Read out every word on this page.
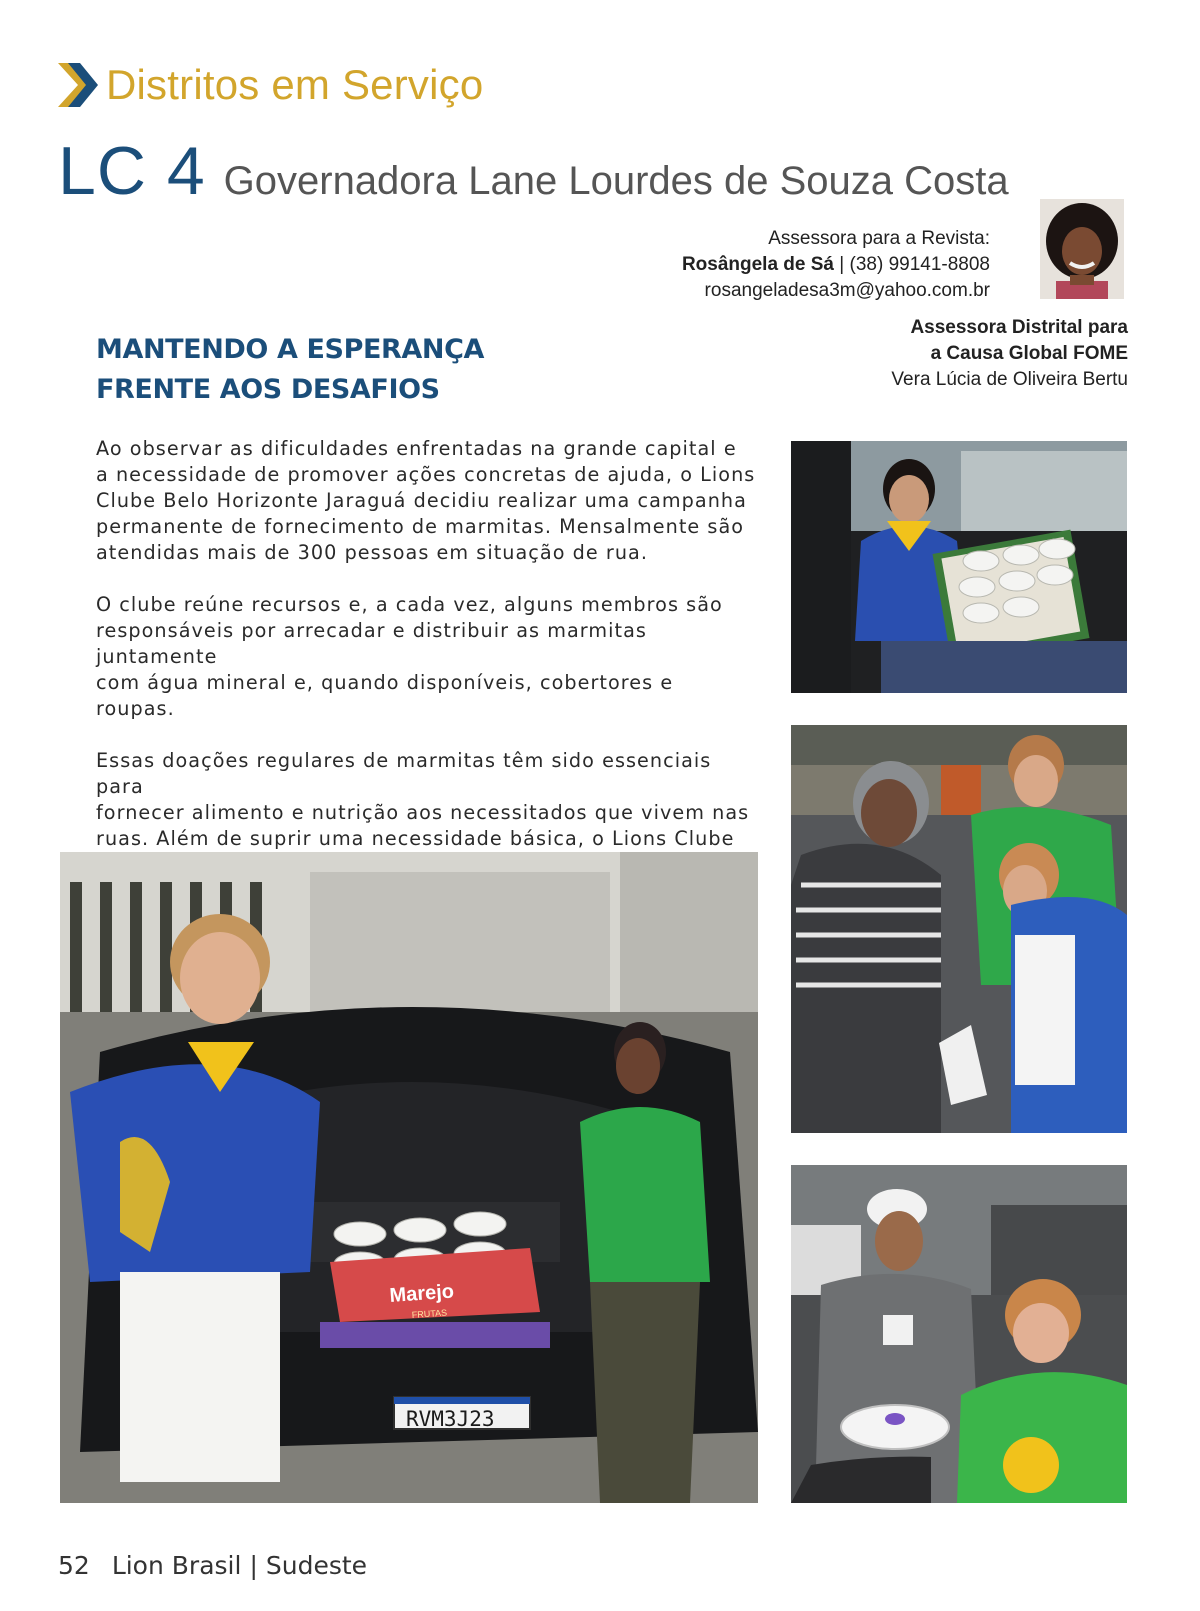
Distritos em Serviço
LC 4 Governadora Lane Lourdes de Souza Costa
Assessora para a Revista:
Rosângela de Sá | (38) 99141-8808
rosangeladesa3m@yahoo.com.br
Assessora Distrital para
a Causa Global FOME
Vera Lúcia de Oliveira Bertu
MANTENDO A ESPERANÇA
FRENTE AOS DESAFIOS

Ao observar as dificuldades enfrentadas na grande capital e
a necessidade de promover ações concretas de ajuda, o Lions
Clube Belo Horizonte Jaraguá decidiu realizar uma campanha
permanente de fornecimento de marmitas. Mensalmente são
atendidas mais de 300 pessoas em situação de rua.

O clube reúne recursos e, a cada vez, alguns membros são
responsáveis por arrecadar e distribuir as marmitas juntamente
com água mineral e, quando disponíveis, cobertores e roupas.

Essas doações regulares de marmitas têm sido essenciais para
fornecer alimento e nutrição aos necessitados que vivem nas
ruas. Além de suprir uma necessidade básica, o Lions Clube

Marejo
FRUTAS
RVM3J23
52 Lion Brasil | Sudeste
